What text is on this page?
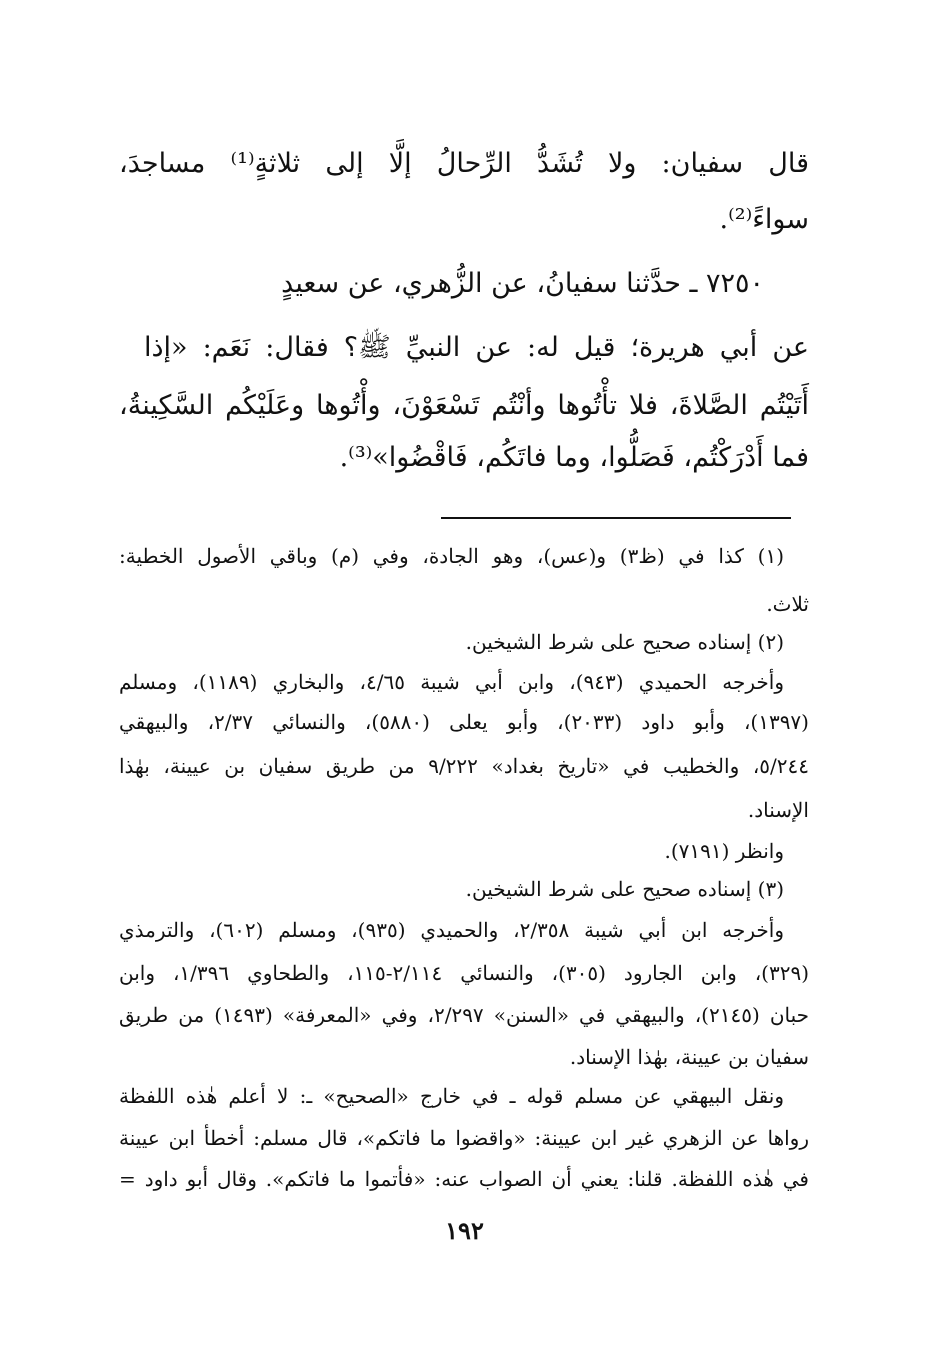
قال سفيان: ولا تُشَدُّ الرِّحالُ إلَّا إلى ثلاثةٍ⁽¹⁾ مساجدَ،
سواءً⁽²⁾.
٧٢٥٠ ـ حدَّثنا سفيانُ، عن الزُّهري، عن سعيدٍ
عن أبي هريرة؛ قيل له: عن النبيِّ ﷺ؟ فقال: نَعَم: «إذا
أَتَيْتُم الصَّلاةَ، فلا تأْتُوها وأنْتُم تَسْعَوْنَ، وأْتُوها وعَلَيْكُم السَّكِينةُ،
فما أَدْرَكْتُم، فَصَلُّوا، وما فاتَكُم، فَاقْضُوا»⁽³⁾.
(١) كذا في (ظ٣) و(عس)، وهو الجادة، وفي (م) وباقي الأصول الخطية:
ثلاث.
(٢) إسناده صحيح على شرط الشيخين.
وأخرجه الحميدي (٩٤٣)، وابن أبي شيبة ٤/٦٥، والبخاري (١١٨٩)، ومسلم
(١٣٩٧)، وأبو داود (٢٠٣٣)، وأبو يعلى (٥٨٨٠)، والنسائي ٢/٣٧، والبيهقي
٥/٢٤٤، والخطيب في «تاريخ بغداد» ٩/٢٢٢ من طريق سفيان بن عيينة، بهٰذا
الإسناد.
وانظر (٧١٩١).
(٣) إسناده صحيح على شرط الشيخين.
وأخرجه ابن أبي شيبة ٢/٣٥٨، والحميدي (٩٣٥)، ومسلم (٦٠٢)، والترمذي
(٣٢٩)، وابن الجارود (٣٠٥)، والنسائي ٢/١١٤-١١٥، والطحاوي ١/٣٩٦، وابن
حبان (٢١٤٥)، والبيهقي في «السنن» ٢/٢٩٧، وفي «المعرفة» (١٤٩٣) من طريق
سفيان بن عيينة، بهٰذا الإسناد.
ونقل البيهقي عن مسلم قوله ـ في خارج «الصحيح» ـ: لا أعلم هٰذه اللفظة
رواها عن الزهري غير ابن عيينة: «واقضوا ما فاتكم»، قال مسلم: أخطأ ابن عيينة
في هٰذه اللفظة. قلنا: يعني أن الصواب عنه: «فأتموا ما فاتكم». وقال أبو داود =
١٩٢
